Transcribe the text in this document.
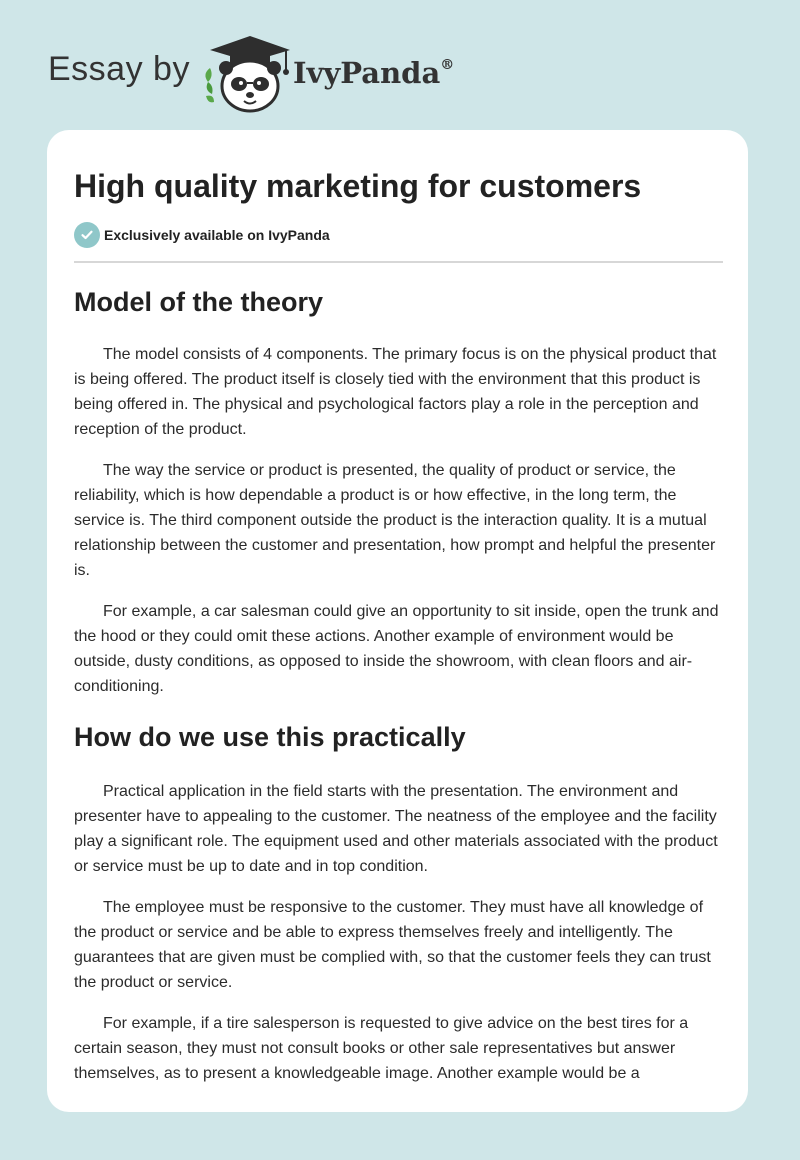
Essay by	IvyPanda®
High quality marketing for customers
Exclusively available on IvyPanda
Model of the theory

The model consists of 4 components. The primary focus is on the physical product that is being offered. The product itself is closely tied with the environment that this product is being offered in. The physical and psychological factors play a role in the perception and reception of the product.

The way the service or product is presented, the quality of product or service, the reliability, which is how dependable a product is or how effective, in the long term, the service is. The third component outside the product is the interaction quality. It is a mutual relationship between the customer and presentation, how prompt and helpful the presenter is.

For example, a car salesman could give an opportunity to sit inside, open the trunk and the hood or they could omit these actions. Another example of environment would be outside, dusty conditions, as opposed to inside the showroom, with clean floors and air-conditioning.

How do we use this practically

Practical application in the field starts with the presentation. The environment and presenter have to appealing to the customer. The neatness of the employee and the facility play a significant role. The equipment used and other materials associated with the product or service must be up to date and in top condition.

The employee must be responsive to the customer. They must have all knowledge of the product or service and be able to express themselves freely and intelligently. The guarantees that are given must be complied with, so that the customer feels they can trust the product or service.

For example, if a tire salesperson is requested to give advice on the best tires for a certain season, they must not consult books or other sale representatives but answer themselves, as to present a knowledgeable image. Another example would be a
